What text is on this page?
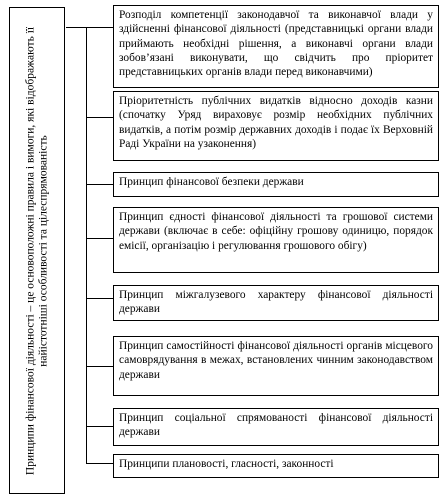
Принципи фінансової діяльності – це основоположні правила і вимоги, які відображають її найістотніші особливості та цілеспрямованість
Розподіл компетенції законодавчої та виконавчої влади у здійсненні фінансової діяльності (представницькі органи влади приймають необхідні рішення, а виконавчі органи влади зобов’язані виконувати, що свідчить про пріоритет представницьких органів влади перед виконавчими)
Пріоритетність публічних видатків відносно доходів казни (спочатку Уряд вираховує розмір необхідних публічних видатків, а потім розмір державних доходів і подає їх Верховній Раді України на узаконення)
Принцип фінансової безпеки держави
Принцип єдності фінансової діяльності та грошової системи держави (включає в себе: офіційну грошову одиницю, порядок емісії, організацію і регулювання грошового обігу)
Принцип міжгалузевого характеру фінансової діяльності держави
Принцип самостійності фінансової діяльності органів місцевого самоврядування в межах, встановлених чинним законодавством держави
Принцип соціальної спрямованості фінансової діяльності держави
Принципи плановості, гласності, законності
